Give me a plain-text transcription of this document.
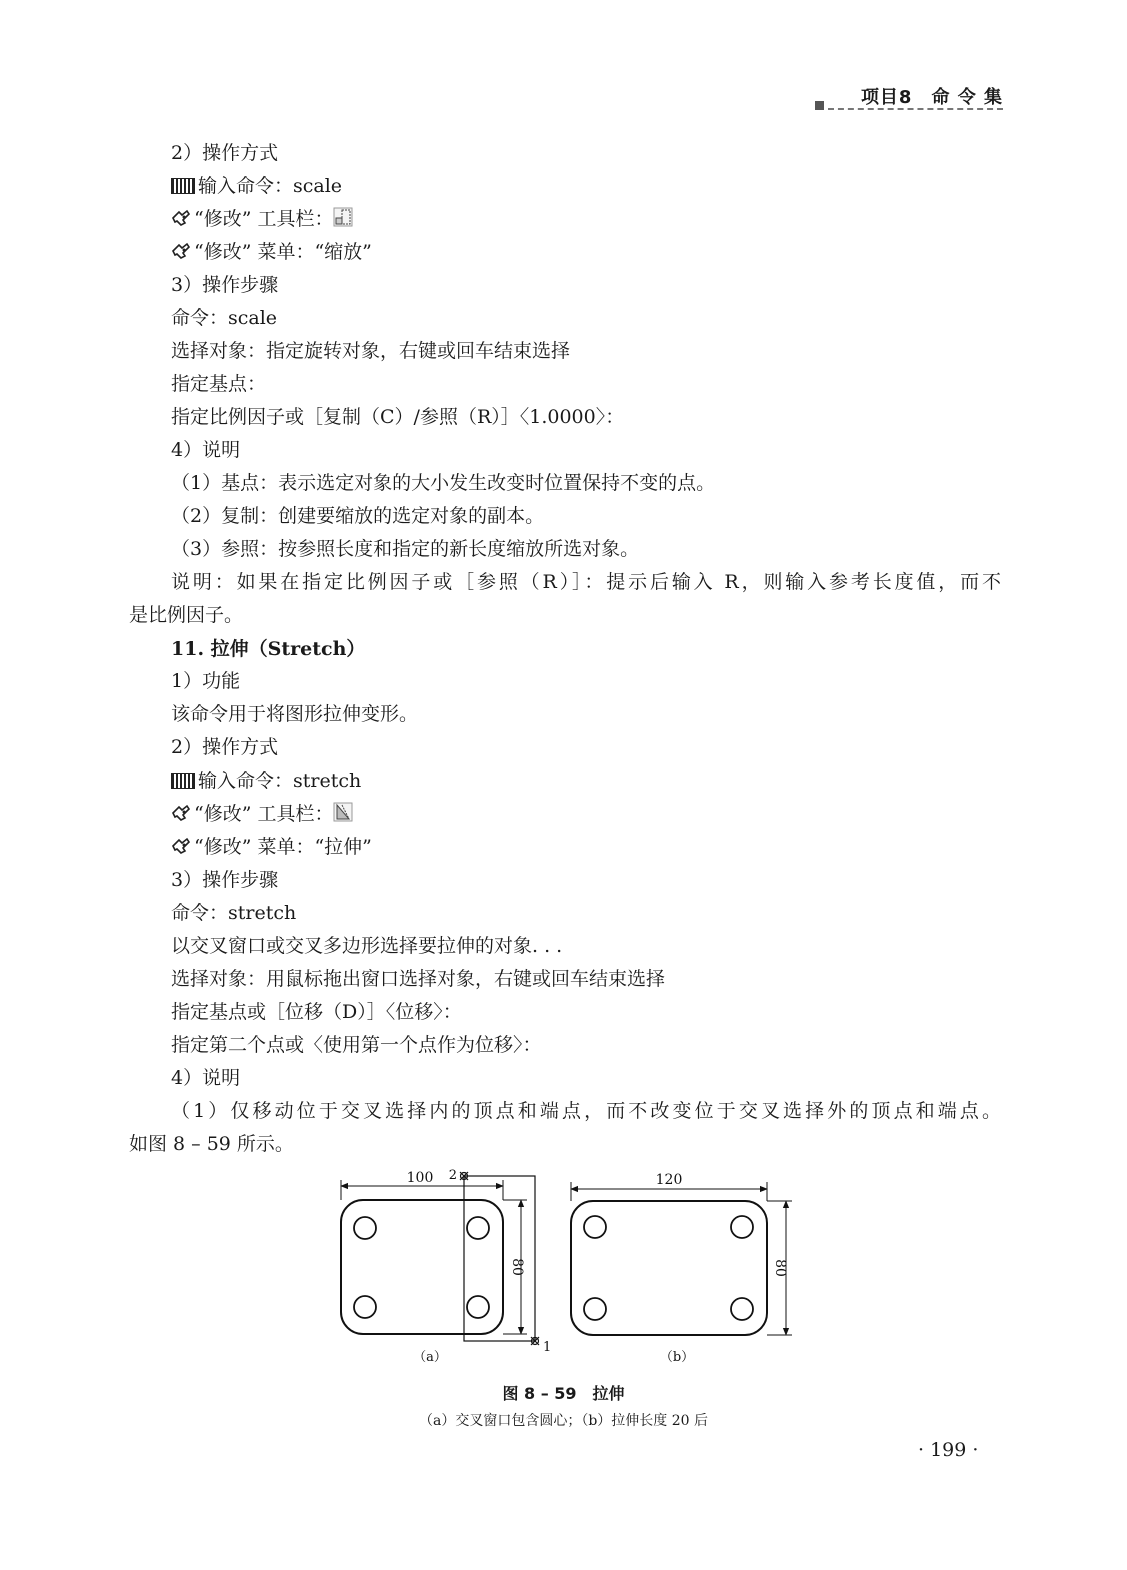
项目8　命 令 集
2）操作方式
输入命令：scale
“修改” 工具栏：
“修改” 菜单：“缩放”
3）操作步骤
命令：scale
选择对象：指定旋转对象，右键或回车结束选择
指定基点：
指定比例因子或［复制（C）/参照（R）］〈1.0000〉：
4）说明
（1）基点：表示选定对象的大小发生改变时位置保持不变的点。
（2）复制：创建要缩放的选定对象的副本。
（3）参照：按参照长度和指定的新长度缩放所选对象。
说明：如果在指定比例因子或［参照（R）］：提示后输入 R，则输入参考长度值，而不
是比例因子。
11. 拉伸（Stretch）
1）功能
该命令用于将图形拉伸变形。
2）操作方式
输入命令：stretch
“修改” 工具栏：
“修改” 菜单：“拉伸”
3）操作步骤
命令：stretch
以交叉窗口或交叉多边形选择要拉伸的对象. . .
选择对象：用鼠标拖出窗口选择对象，右键或回车结束选择
指定基点或［位移（D）］〈位移〉：
指定第二个点或〈使用第一个点作为位移〉：
4）说明
（1）仅移动位于交叉选择内的顶点和端点，而不改变位于交叉选择外的顶点和端点。
如图 8 – 59 所示。
100
80
2
1
120
80
（a）	（b）
图 8 – 59　拉伸
（a）交叉窗口包含圆心；（b）拉伸长度 20 后
· 199 ·
